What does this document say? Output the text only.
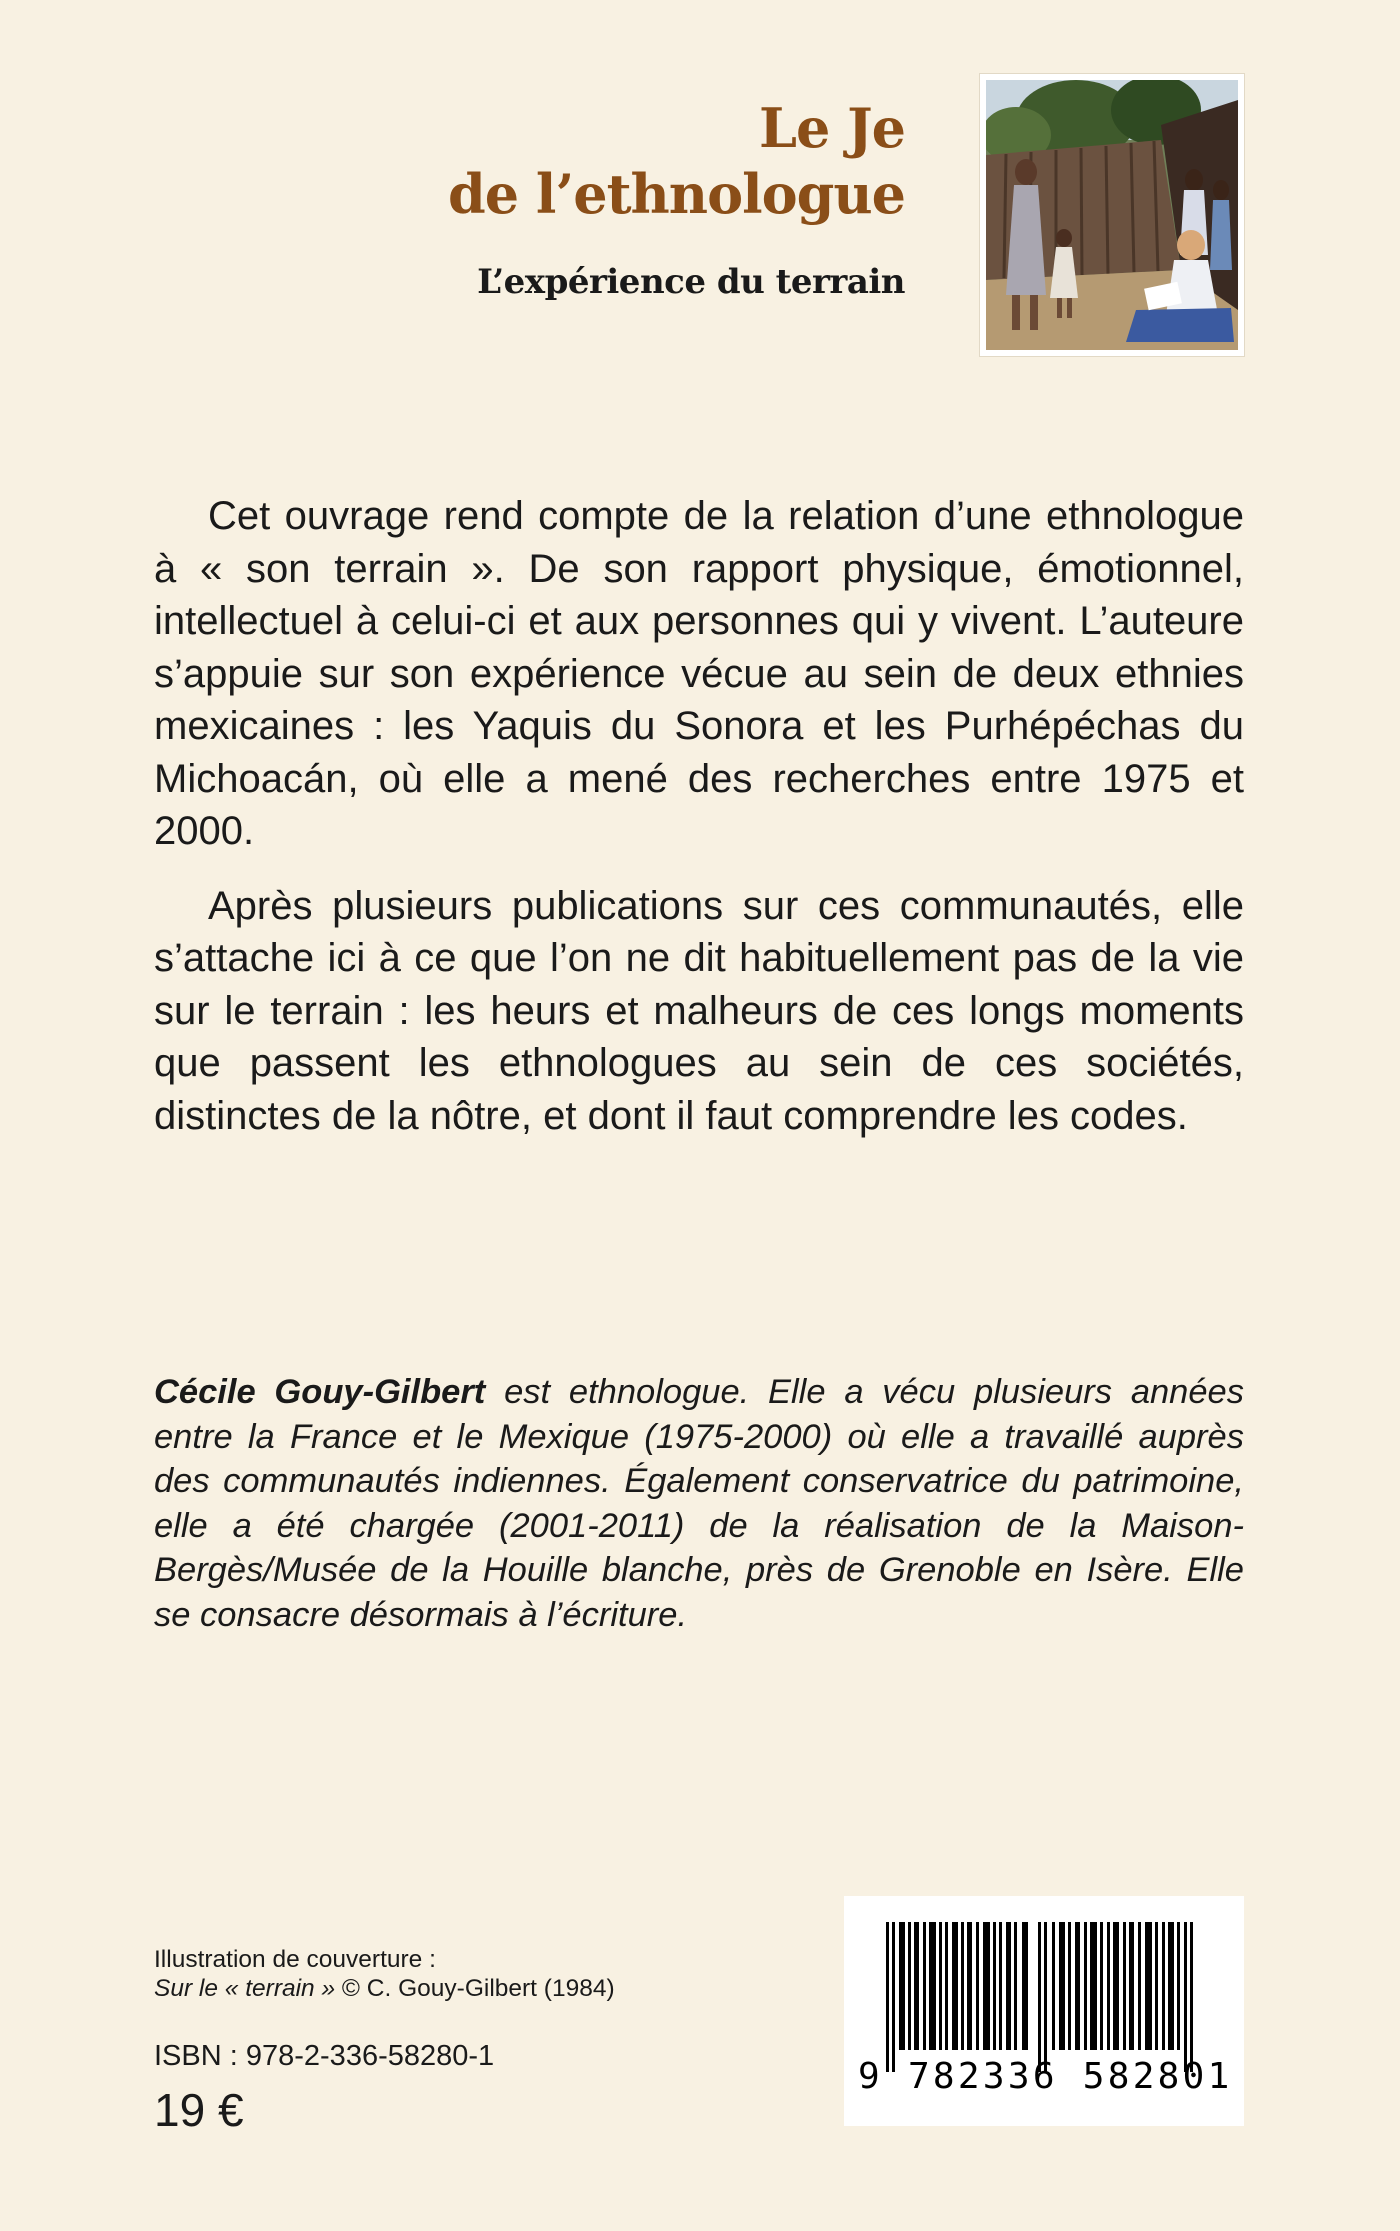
Le Je
de l’ethnologue
L’expérience du terrain

Cet ouvrage rend compte de la relation d’une ethnologue à « son terrain ». De son rapport physique, émotionnel, intellectuel à celui-ci et aux personnes qui y vivent. L’auteure s’appuie sur son expérience vécue au sein de deux ethnies mexicaines : les Yaquis du Sonora et les Purhépéchas du Michoacán, où elle a mené des recherches entre 1975 et 2000.

Après plusieurs publications sur ces communautés, elle s’attache ici à ce que l’on ne dit habituellement pas de la vie sur le terrain : les heurs et malheurs de ces longs moments que passent les ethnologues au sein de ces sociétés, distinctes de la nôtre, et dont il faut comprendre les codes.

Cécile Gouy-Gilbert est ethnologue. Elle a vécu plusieurs années entre la France et le Mexique (1975-2000) où elle a travaillé auprès des communautés indiennes. Également conservatrice du patrimoine, elle a été chargée (2001-2011) de la réalisation de la Maison-Bergès/Musée de la Houille blanche, près de Grenoble en Isère. Elle se consacre désormais à l’écriture.
Illustration de couverture :
Sur le « terrain » © C. Gouy-Gilbert (1984)
ISBN : 978-2-336-58280-1
19 €
9 782336 582801
